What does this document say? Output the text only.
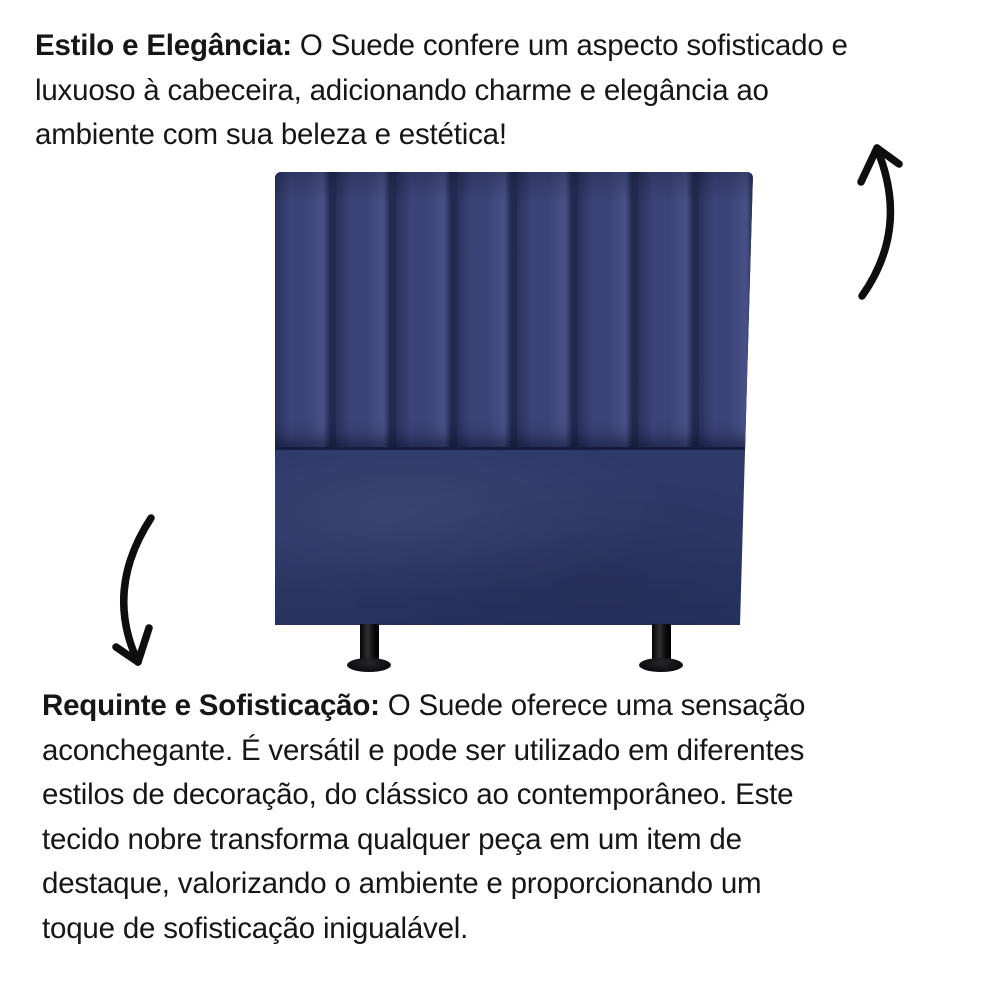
Estilo e Elegância: O Suede confere um aspecto sofisticado e
luxuoso à cabeceira, adicionando charme e elegância ao
ambiente com sua beleza e estética!
Requinte e Sofisticação: O Suede oferece uma sensação
aconchegante. É versátil e pode ser utilizado em diferentes
estilos de decoração, do clássico ao contemporâneo. Este
tecido nobre transforma qualquer peça em um item de
destaque, valorizando o ambiente e proporcionando um
toque de sofisticação inigualável.
